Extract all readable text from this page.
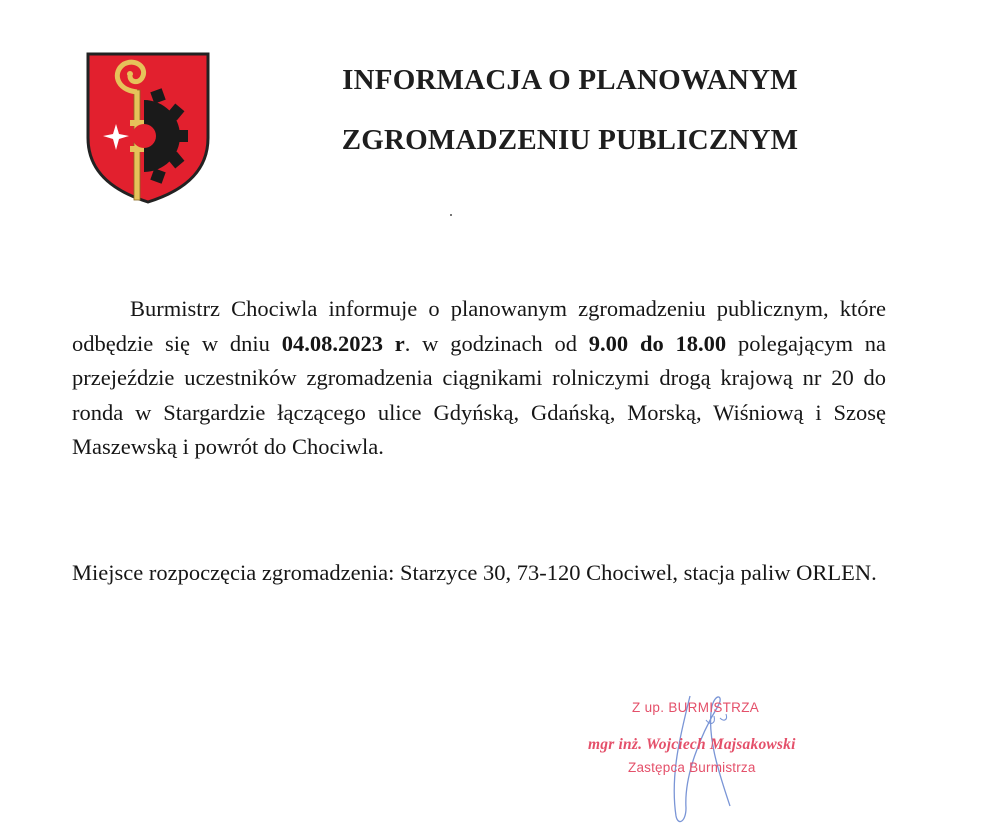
INFORMACJA O PLANOWANYM
ZGROMADZENIU PUBLICZNYM

Burmistrz Chociwla informuje o planowanym zgromadzeniu publicznym, które odbędzie się w dniu 04.08.2023 r. w godzinach od 9.00 do 18.00 polegającym na przejeździe uczestników zgromadzenia ciągnikami rolniczymi drogą krajową nr 20 do ronda w Stargardzie łączącego ulice Gdyńską, Gdańską, Morską, Wiśniową i Szosę Maszewską i powrót do Chociwla.

Miejsce rozpoczęcia zgromadzenia: Starzyce 30, 73-120 Chociwel, stacja paliw ORLEN.

Z up. BURMISTRZA
mgr inż. Wojciech Majsakowski
Zastępca Burmistrza
